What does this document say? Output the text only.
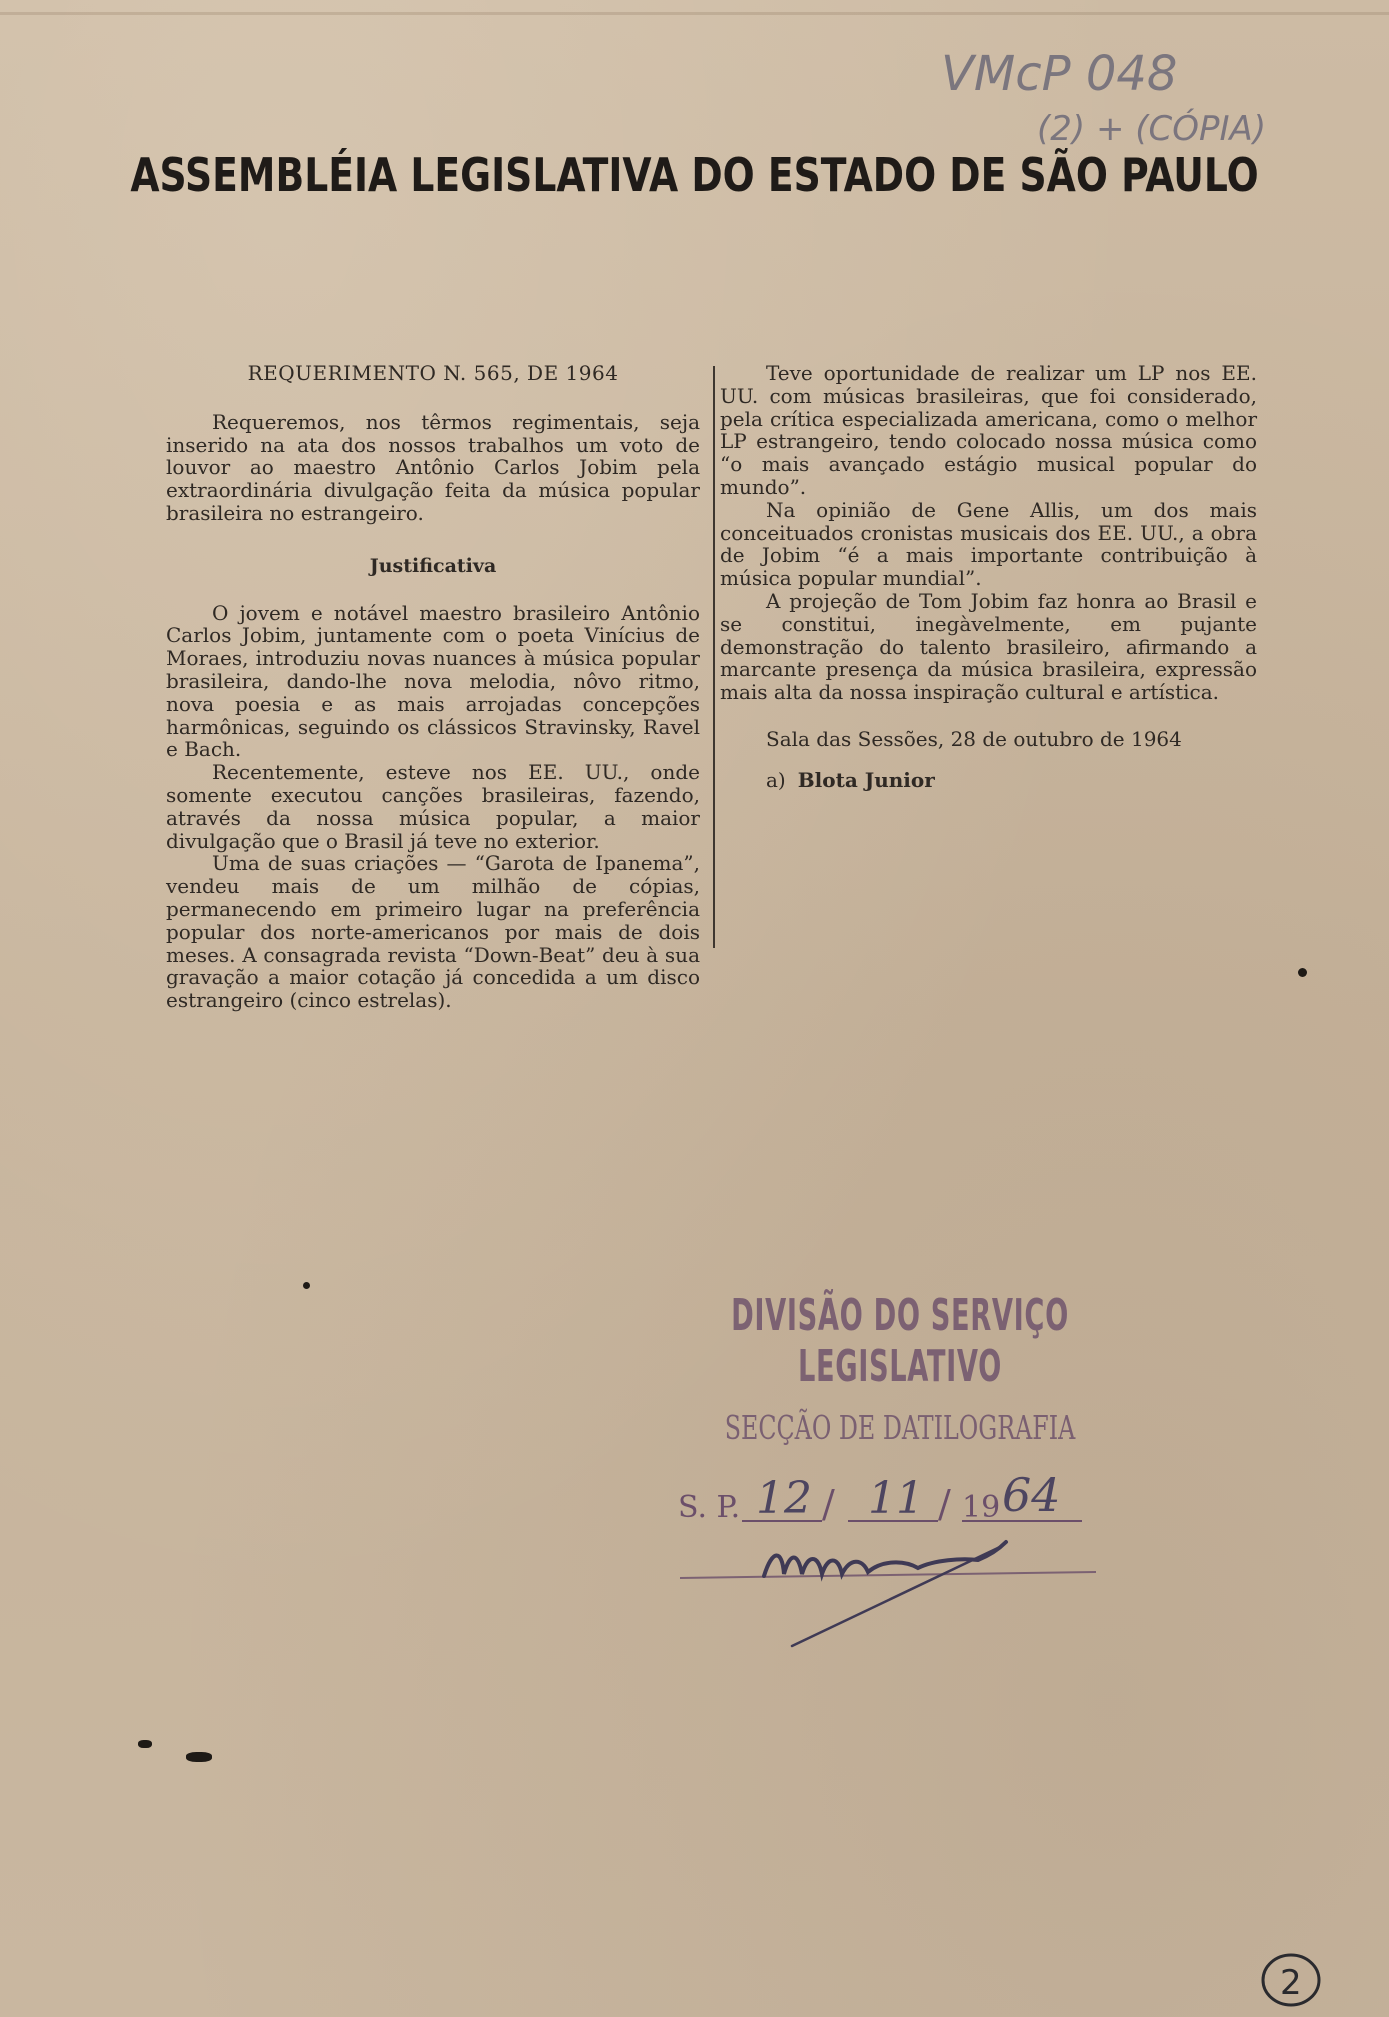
VMcP 048
(2) + (CÓPIA)
ASSEMBLÉIA LEGISLATIVA DO ESTADO DE SÃO PAULO

REQUERIMENTO N. 565, DE 1964

Requeremos, nos têrmos regimentais, seja inserido na ata dos nossos trabalhos um voto de louvor ao maestro Antônio Carlos Jobim pela extraordinária divulgação feita da música popular brasileira no estrangeiro.

Justificativa

O jovem e notável maestro brasileiro Antônio Carlos Jobim, juntamente com o poeta Vinícius de Moraes, introduziu novas nuances à música popular brasileira, dando-lhe nova melodia, nôvo ritmo, nova poesia e as mais arrojadas concepções harmônicas, seguindo os clássicos Stravinsky, Ravel e Bach.

Recentemente, esteve nos EE. UU., onde somente executou canções brasileiras, fazendo, através da nossa música popular, a maior divulgação que o Brasil já teve no exterior.

Uma de suas criações — “Garota de Ipanema”, vendeu mais de um milhão de cópias, permanecendo em primeiro lugar na preferência popular dos norte-americanos por mais de dois meses. A consagrada revista “Down-Beat” deu à sua gravação a maior cotação já concedida a um disco estrangeiro (cinco estrelas).

Teve oportunidade de realizar um LP nos EE. UU. com músicas brasileiras, que foi considerado, pela crítica especializada americana, como o melhor LP estrangeiro, tendo colocado nossa música como “o mais avançado estágio musical popular do mundo”.

Na opinião de Gene Allis, um dos mais conceituados cronistas musicais dos EE. UU., a obra de Jobim “é a mais importante contribuição à música popular mundial”.

A projeção de Tom Jobim faz honra ao Brasil e se constitui, inegàvelmente, em pujante demonstração do talento brasileiro, afirmando a marcante presença da música brasileira, expressão mais alta da nossa inspiração cultural e artística.

Sala das Sessões, 28 de outubro de 1964

a) Blota Junior

DIVISÃO DO SERVIÇO LEGISLATIVO
SECÇÃO DE DATILOGRAFIA
S. P. 12 / 11 / 19 64
2
